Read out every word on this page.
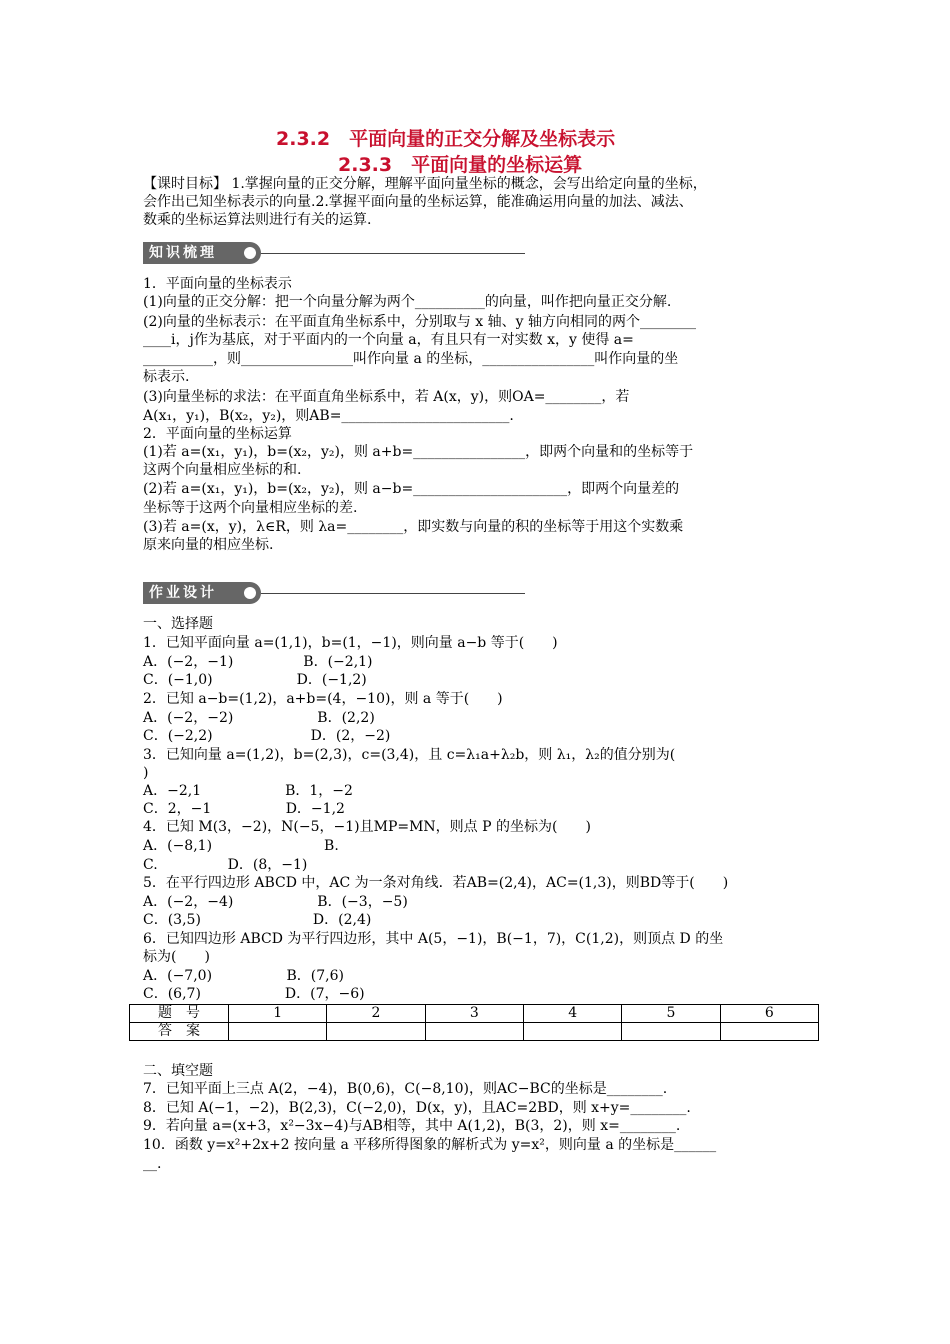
2.3.2　平面向量的正交分解及坐标表示
2.3.3　平面向量的坐标运算
【课时目标】 1.掌握向量的正交分解，理解平面向量坐标的概念，会写出给定向量的坐标，
会作出已知坐标表示的向量.2.掌握平面向量的坐标运算，能准确运用向量的加法、减法、
数乘的坐标运算法则进行有关的运算.
知识梳理
1．平面向量的坐标表示
(1)向量的正交分解：把一个向量分解为两个__________的向量，叫作把向量正交分解.
(2)向量的坐标表示：在平面直角坐标系中，分别取与 x 轴、y 轴方向相同的两个________
____i，j作为基底，对于平面内的一个向量 a，有且只有一对实数 x，y 使得 a=
__________，则________________叫作向量 a 的坐标，________________叫作向量的坐
标表示.
(3)向量坐标的求法：在平面直角坐标系中，若 A(x，y)，则OA=________，若
A(x₁，y₁)，B(x₂，y₂)，则AB=________________________.
2．平面向量的坐标运算
(1)若 a=(x₁，y₁)，b=(x₂，y₂)，则 a+b=________________，即两个向量和的坐标等于
这两个向量相应坐标的和.
(2)若 a=(x₁，y₁)，b=(x₂，y₂)，则 a−b=______________________，即两个向量差的
坐标等于这两个向量相应坐标的差.
(3)若 a=(x，y)，λ∈R，则 λa=________，即实数与向量的积的坐标等于用这个实数乘
原来向量的相应坐标.
作业设计
一、选择题
1．已知平面向量 a=(1,1)，b=(1，−1)，则向量 a−b 等于(　　)
A．(−2，−1)　　　　　B．(−2,1)
C．(−1,0)　　　　　　D．(−1,2)
2．已知 a−b=(1,2)，a+b=(4，−10)，则 a 等于(　　)
A．(−2，−2)　　　　　　B．(2,2)
C．(−2,2)　　　　　　　D．(2，−2)
3．已知向量 a=(1,2)，b=(2,3)，c=(3,4)，且 c=λ₁a+λ₂b，则 λ₁，λ₂的值分别为(
)
A．−2,1　　　　　　B．1，−2
C．2，−1　　　　　 D．−1,2
4．已知 M(3，−2)，N(−5，−1)且MP=MN，则点 P 的坐标为(　　)
A．(−8,1)　　　　　　　　B.
C.　　　　　D．(8，−1)
5．在平行四边形 ABCD 中，AC 为一条对角线．若AB=(2,4)，AC=(1,3)，则BD等于(　　)
A．(−2，−4)　　　　　　B．(−3，−5)
C．(3,5)　　　　　　　　D．(2,4)
6．已知四边形 ABCD 为平行四边形，其中 A(5，−1)，B(−1，7)，C(1,2)，则顶点 D 的坐
标为(　　)
A．(−7,0)　　　　　 B．(7,6)
C．(6,7)　　　　　　D．(7，−6)
题　号	1	2	3	4	5	6
答　案						
二、填空题
7．已知平面上三点 A(2，−4)，B(0,6)，C(−8,10)，则AC−BC的坐标是________.
8．已知 A(−1，−2)，B(2,3)，C(−2,0)，D(x，y)，且AC=2BD，则 x+y=________.
9．若向量 a=(x+3，x²−3x−4)与AB相等，其中 A(1,2)，B(3，2)，则 x=________.
10．函数 y=x²+2x+2 按向量 a 平移所得图象的解析式为 y=x²，则向量 a 的坐标是______
__.
